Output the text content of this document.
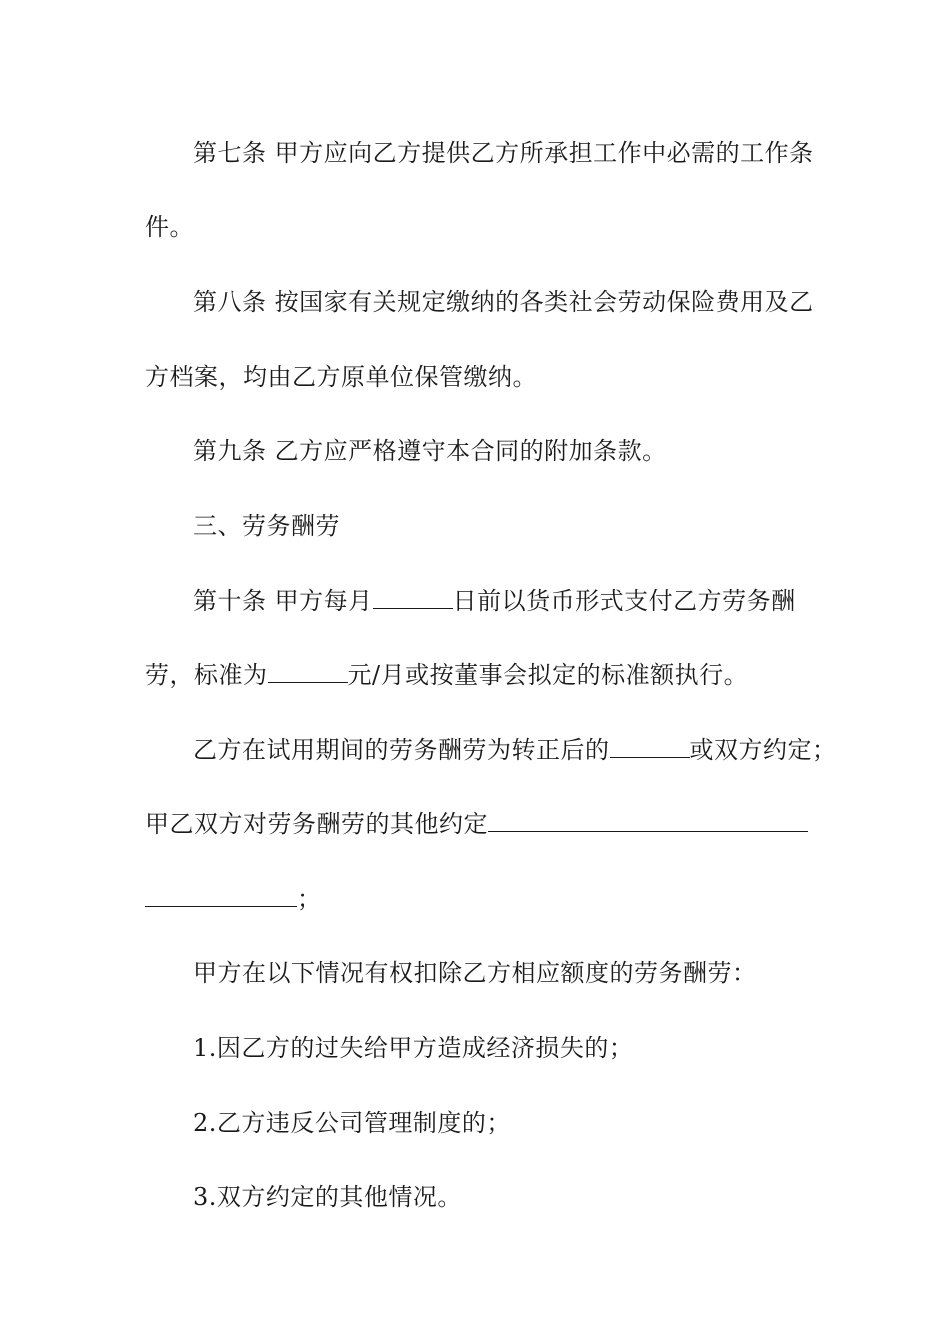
第七条 甲方应向乙方提供乙方所承担工作中必需的工作条
件。
第八条 按国家有关规定缴纳的各类社会劳动保险费用及乙
方档案，均由乙方原单位保管缴纳。
第九条 乙方应严格遵守本合同的附加条款。
三、劳务酬劳
第十条 甲方每月	日前以货币形式支付乙方劳务酬
劳，标准为	元/月或按董事会拟定的标准额执行。
乙方在试用期间的劳务酬劳为转正后的	或双方约定；
甲乙双方对劳务酬劳的其他约定
；
甲方在以下情况有权扣除乙方相应额度的劳务酬劳：
1.因乙方的过失给甲方造成经济损失的；
2.乙方违反公司管理制度的；
3.双方约定的其他情况。
